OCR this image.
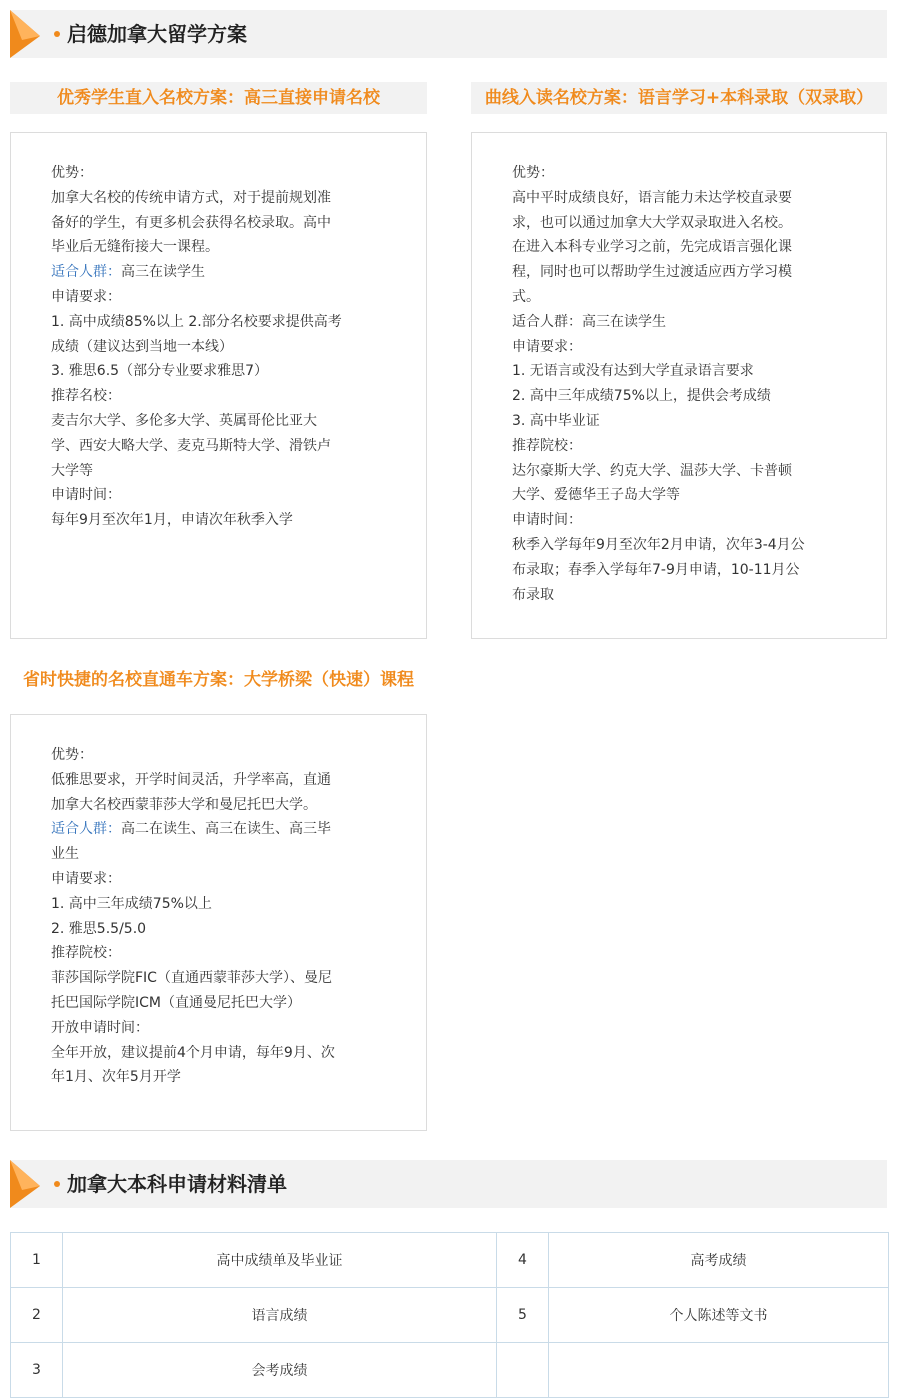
启德加拿大留学方案
优秀学生直入名校方案：高三直接申请名校

优势：

加拿大名校的传统申请方式，对于提前规划准

备好的学生，有更多机会获得名校录取。高中

毕业后无缝衔接大一课程。

适合人群：高三在读学生

申请要求：

1. 高中成绩85%以上 2.部分名校要求提供高考

成绩（建议达到当地一本线）

3. 雅思6.5（部分专业要求雅思7）

推荐名校：

麦吉尔大学、多伦多大学、英属哥伦比亚大

学、西安大略大学、麦克马斯特大学、滑铁卢

大学等

申请时间：

每年9月至次年1月，申请次年秋季入学

曲线入读名校方案：语言学习+本科录取（双录取）

优势：

高中平时成绩良好，语言能力未达学校直录要

求，也可以通过加拿大大学双录取进入名校。

在进入本科专业学习之前，先完成语言强化课

程，同时也可以帮助学生过渡适应西方学习模

式。

适合人群：高三在读学生

申请要求：

1. 无语言或没有达到大学直录语言要求

2. 高中三年成绩75%以上，提供会考成绩

3. 高中毕业证

推荐院校：

达尔豪斯大学、约克大学、温莎大学、卡普顿

大学、爱德华王子岛大学等

申请时间：

秋季入学每年9月至次年2月申请，次年3-4月公

布录取；春季入学每年7-9月申请，10-11月公

布录取

省时快捷的名校直通车方案：大学桥梁（快速）课程

优势：

低雅思要求，开学时间灵活，升学率高，直通

加拿大名校西蒙菲莎大学和曼尼托巴大学。

适合人群：高二在读生、高三在读生、高三毕

业生

申请要求：

1. 高中三年成绩75%以上

2. 雅思5.5/5.0

推荐院校：

菲莎国际学院FIC（直通西蒙菲莎大学）、曼尼

托巴国际学院ICM（直通曼尼托巴大学）

开放申请时间：

全年开放，建议提前4个月申请，每年9月、次

年1月、次年5月开学

加拿大本科申请材料清单
1	高中成绩单及毕业证	4	高考成绩
2	语言成绩	5	个人陈述等文书
3	会考成绩		
